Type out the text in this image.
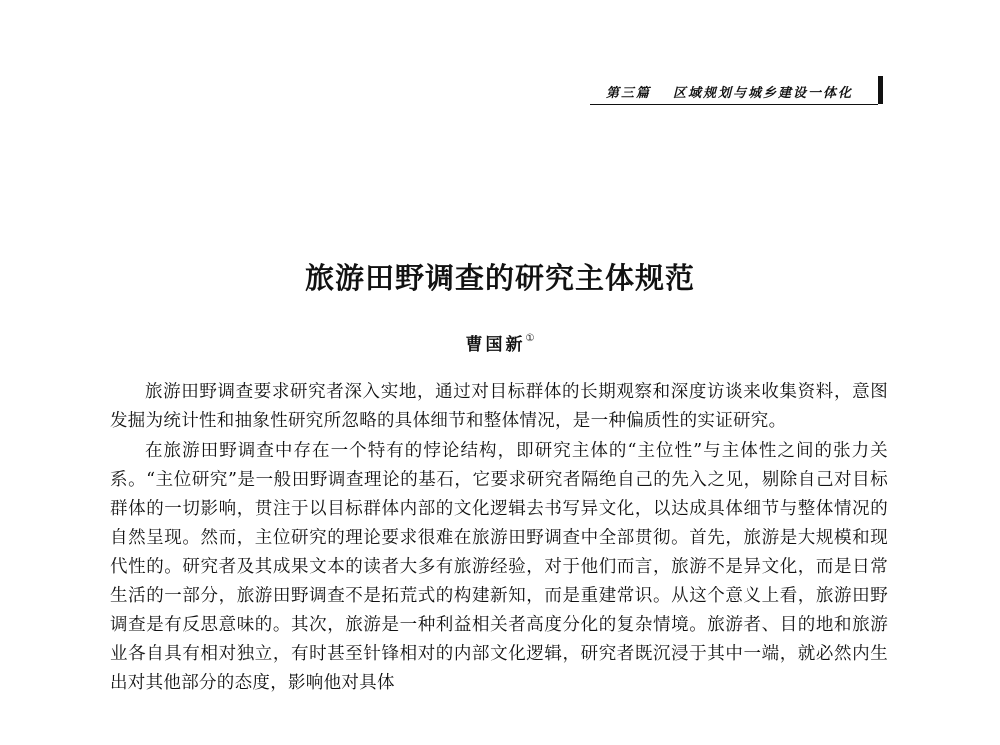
第三篇 区域规划与城乡建设一体化
旅游田野调查的研究主体规范
曹国新①

旅游田野调查要求研究者深入实地，通过对目标群体的长期观察和深度访谈来收集资料，意图发掘为统计性和抽象性研究所忽略的具体细节和整体情况，是一种偏质性的实证研究。

在旅游田野调查中存在一个特有的悖论结构，即研究主体的“主位性”与主体性之间的张力关系。“主位研究”是一般田野调查理论的基石，它要求研究者隔绝自己的先入之见，剔除自己对目标群体的一切影响，贯注于以目标群体内部的文化逻辑去书写异文化，以达成具体细节与整体情况的自然呈现。然而，主位研究的理论要求很难在旅游田野调查中全部贯彻。首先，旅游是大规模和现代性的。研究者及其成果文本的读者大多有旅游经验，对于他们而言，旅游不是异文化，而是日常生活的一部分，旅游田野调查不是拓荒式的构建新知，而是重建常识。从这个意义上看，旅游田野调查是有反思意味的。其次，旅游是一种利益相关者高度分化的复杂情境。旅游者、目的地和旅游业各自具有相对独立，有时甚至针锋相对的内部文化逻辑，研究者既沉浸于其中一端，就必然内生出对其他部分的态度，影响他对具体
